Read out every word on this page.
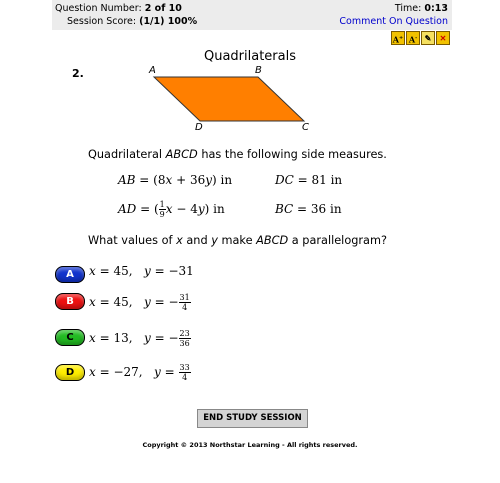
Question Number: 2 of 10
Session Score: (1/1) 100%
Time: 0:13
Comment On Question
A+ A- ✎	✕
Quadrilaterals
2.	A	B
C
D
Quadrilateral ABCD has the following side measures.
AB = (8x + 36y) in	DC = 81 in
AD = ( $\frac{1}{9}$ x − 4y) in	BC = 36 in
What values of x and y make ABCD a parallelogram?
A	x = 45,   y = −31
B	x = 45,   y = − $\frac{31}{4}$
C	x = 13,   y = − $\frac{23}{36}$
D	x = −27,   $y = \frac{33}{4}$
END STUDY SESSION
Copyright © 2013 Northstar Learning - All rights reserved.
